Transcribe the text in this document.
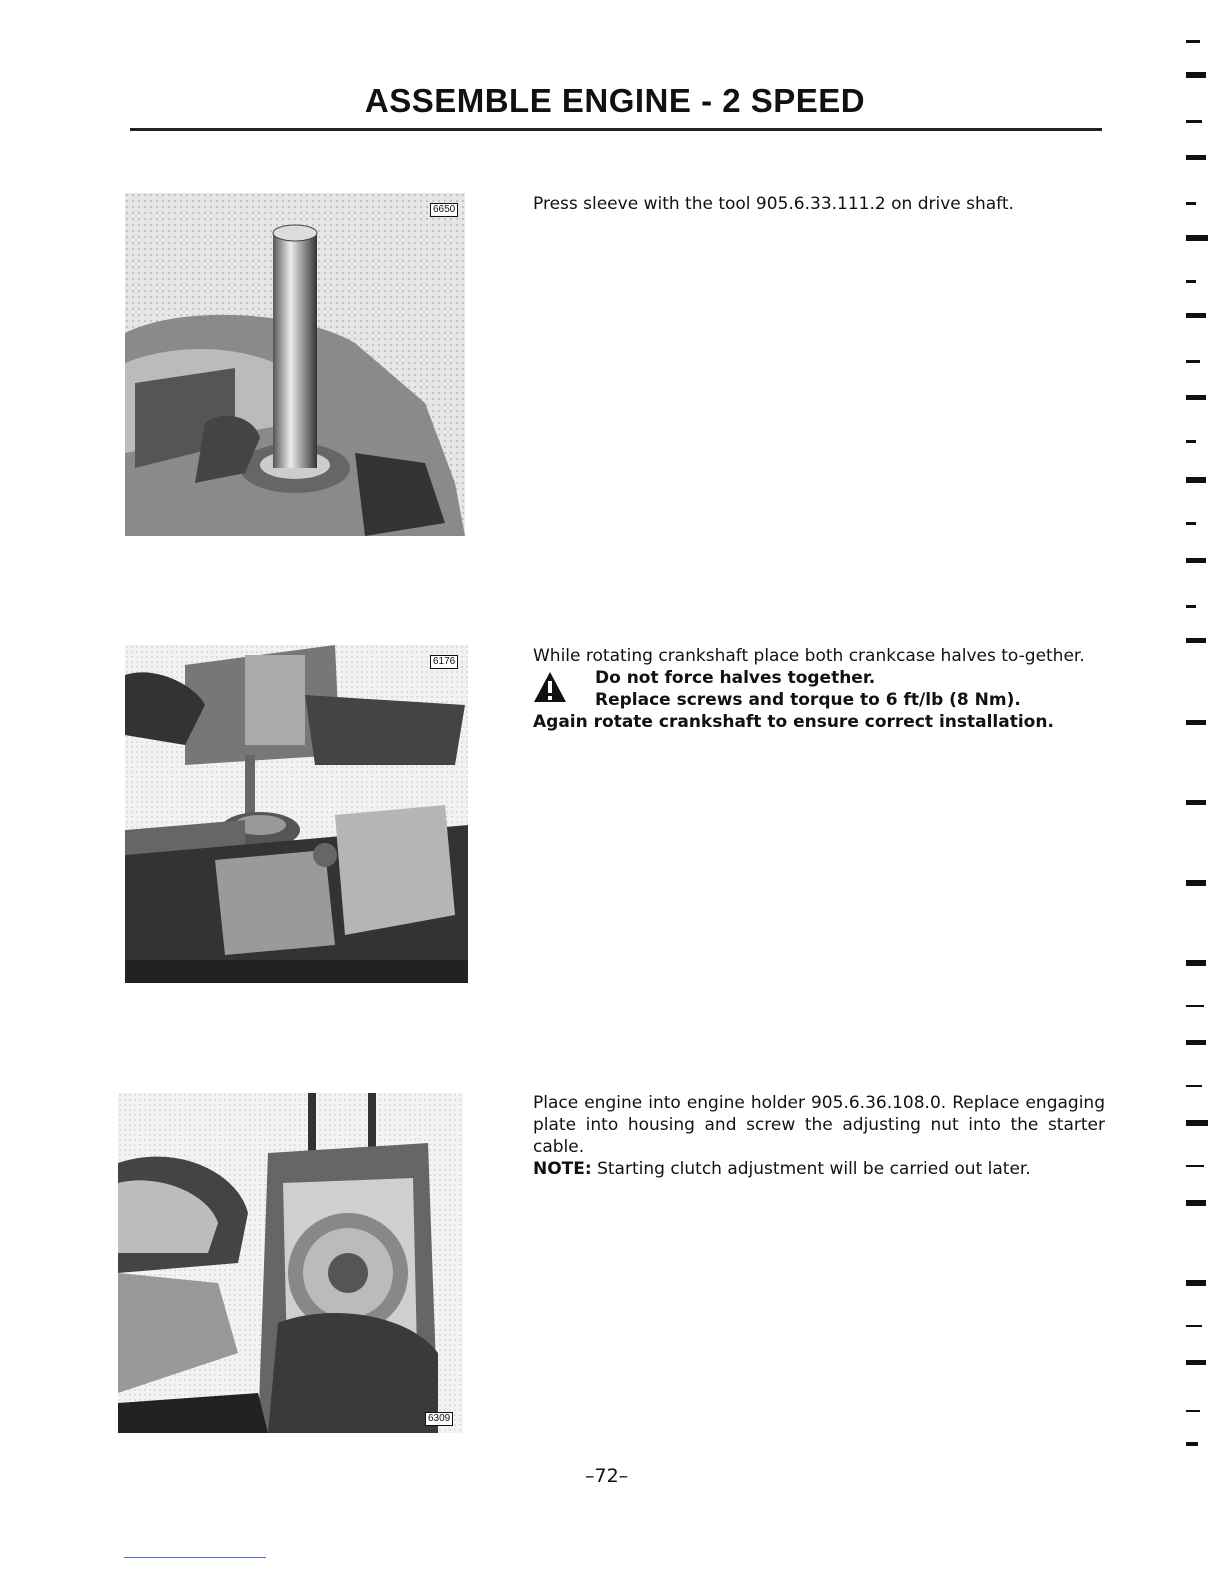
ASSEMBLE ENGINE - 2 SPEED
6650	Press sleeve with the tool 905.6.33.111.2 on drive shaft.
6176	While rotating crankshaft place both crankcase halves to-gether.
Do not force halves together.
Replace screws and torque to 6 ft/lb (8 Nm).
Again rotate crankshaft to ensure correct installation.
6309
Place engine into engine holder 905.6.36.108.0. Replace engaging plate into housing and screw the adjusting nut into the starter cable.
NOTE: Starting clutch adjustment will be carried out later.
–72–
